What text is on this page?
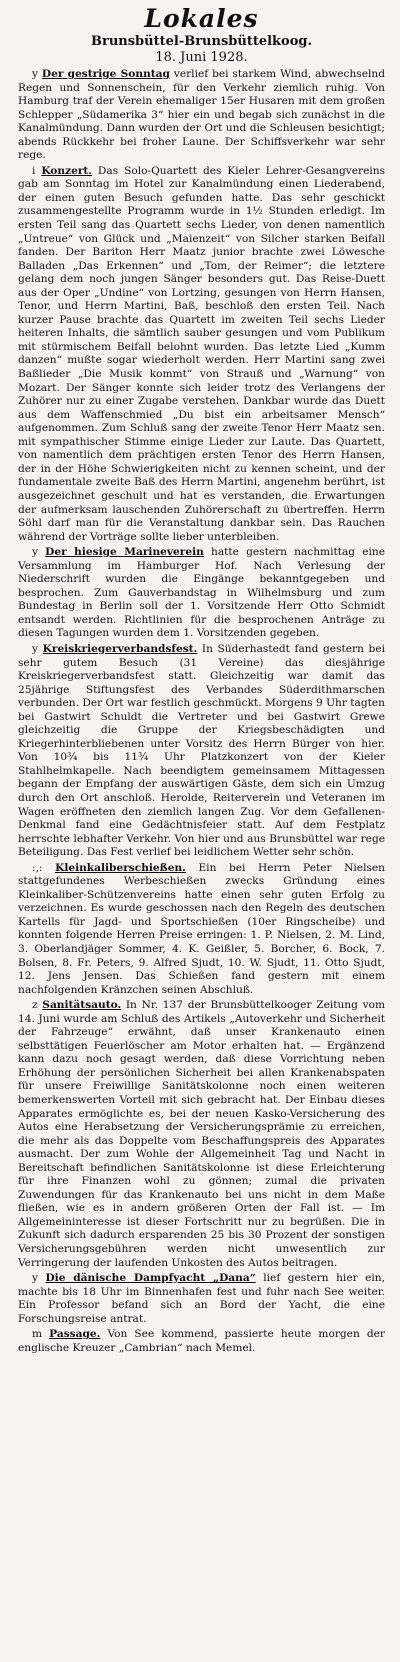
Lokales
Brunsbüttel-Brunsbüttelkoog.
18. Juni 1928.

y Der gestrige Sonntag verlief bei starkem Wind, abwechselnd Regen und Sonnenschein, für den Verkehr ziemlich ruhig. Von Hamburg traf der Verein ehemaliger 15er Husaren mit dem großen Schlepper „Südamerika 3“ hier ein und begab sich zunächst in die Kanalmündung. Dann wurden der Ort und die Schleusen besichtigt; abends Rückkehr bei froher Laune. Der Schiffsverkehr war sehr rege.

i Konzert. Das Solo-Quartett des Kieler Lehrer-Gesangvereins gab am Sonntag im Hotel zur Kanalmündung einen Liederabend, der einen guten Besuch gefunden hatte. Das sehr geschickt zusammengestellte Programm wurde in 1½ Stunden erledigt. Im ersten Teil sang das Quartett sechs Lieder, von denen namentlich „Untreue“ von Glück und „Maienzeit“ von Silcher starken Beifall fanden. Der Bariton Herr Maatz junior brachte zwei Löwesche Balladen „Das Erkennen“ und „Tom, der Reimer“; die letztere gelang dem noch jungen Sänger besonders gut. Das Reise-Duett aus der Oper „Undine“ von Lortzing, gesungen von Herrn Hansen, Tenor, und Herrn Martini, Baß, beschloß den ersten Teil. Nach kurzer Pause brachte das Quartett im zweiten Teil sechs Lieder heiteren Inhalts, die sämtlich sauber gesungen und vom Publikum mit stürmischem Beifall belohnt wurden. Das letzte Lied „Kumm danzen“ mußte sogar wiederholt werden. Herr Martini sang zwei Baßlieder „Die Musik kommt“ von Strauß und „Warnung“ von Mozart. Der Sänger konnte sich leider trotz des Verlangens der Zuhörer nur zu einer Zugabe verstehen. Dankbar wurde das Duett aus dem Waffenschmied „Du bist ein arbeitsamer Mensch“ aufgenommen. Zum Schluß sang der zweite Tenor Herr Maatz sen. mit sympathischer Stimme einige Lieder zur Laute. Das Quartett, von namentlich dem prächtigen ersten Tenor des Herrn Hansen, der in der Höhe Schwierigkeiten nicht zu kennen scheint, und der fundamentale zweite Baß des Herrn Martini, angenehm berührt, ist ausgezeichnet geschult und hat es verstanden, die Erwartungen der aufmerksam lauschenden Zuhörerschaft zu übertreffen. Herrn Söhl darf man für die Veranstaltung dankbar sein. Das Rauchen während der Vorträge sollte lieber unterbleiben.

y Der hiesige Marineverein hatte gestern nachmittag eine Versammlung im Hamburger Hof. Nach Verlesung der Niederschrift wurden die Eingänge bekanntgegeben und besprochen. Zum Gauverbandstag in Wilhelmsburg und zum Bundestag in Berlin soll der 1. Vorsitzende Herr Otto Schmidt entsandt werden. Richtlinien für die besprochenen Anträge zu diesen Tagungen wurden dem 1. Vorsitzenden gegeben.

y Kreiskriegerverbandsfest. In Süderhastedt fand gestern bei sehr gutem Besuch (31 Vereine) das diesjährige Kreiskriegerverbandsfest statt. Gleichzeitig war damit das 25jährige Stiftungsfest des Verbandes Süderdithmarschen verbunden. Der Ort war festlich geschmückt. Morgens 9 Uhr tagten bei Gastwirt Schuldt die Vertreter und bei Gastwirt Grewe gleichzeitig die Gruppe der Kriegsbeschädigten und Kriegerhinterbliebenen unter Vorsitz des Herrn Bürger von hier. Von 10¾ bis 11¾ Uhr Platzkonzert von der Kieler Stahlhelmkapelle. Nach beendigtem gemeinsamem Mittagessen begann der Empfang der auswärtigen Gäste, dem sich ein Umzug durch den Ort anschloß. Herolde, Reiterverein und Veteranen im Wagen eröffneten den ziemlich langen Zug. Vor dem Gefallenen-Denkmal fand eine Gedächtnisfeier statt. Auf dem Festplatz herrschte lebhafter Verkehr. Von hier und aus Brunsbüttel war rege Beteiligung. Das Fest verlief bei leidlichem Wetter sehr schön.

:,: Kleinkaliberschießen. Ein bei Herrn Peter Nielsen stattgefundenes Werbeschießen zwecks Gründung eines Kleinkaliber-Schützenvereins hatte einen sehr guten Erfolg zu verzeichnen. Es wurde geschossen nach den Regeln des deutschen Kartells für Jagd- und Sportschießen (10er Ringscheibe) und konnten folgende Herren Preise erringen: 1. P. Nielsen, 2. M. Lind, 3. Oberlandjäger Sommer, 4. K. Geißler, 5. Borcher, 6. Bock, 7. Bolsen, 8. Fr. Peters, 9. Alfred Sjudt, 10. W. Sjudt, 11. Otto Sjudt, 12. Jens Jensen. Das Schießen fand gestern mit einem nachfolgenden Kränzchen seinen Abschluß.

z Sanitätsauto. In Nr. 137 der Brunsbüttelkooger Zeitung vom 14. Juni wurde am Schluß des Artikels „Autoverkehr und Sicherheit der Fahrzeuge“ erwähnt, daß unser Krankenauto einen selbsttätigen Feuerlöscher am Motor erhalten hat. — Ergänzend kann dazu noch gesagt werden, daß diese Vorrichtung neben Erhöhung der persönlichen Sicherheit bei allen Krankenabspaten für unsere Freiwillige Sanitätskolonne noch einen weiteren bemerkenswerten Vorteil mit sich gebracht hat. Der Einbau dieses Apparates ermöglichte es, bei der neuen Kasko-Versicherung des Autos eine Herabsetzung der Versicherungsprämie zu erreichen, die mehr als das Doppelte vom Beschaffungspreis des Apparates ausmacht. Der zum Wohle der Allgemeinheit Tag und Nacht in Bereitschaft befindlichen Sanitätskolonne ist diese Erleichterung für ihre Finanzen wohl zu gönnen; zumal die privaten Zuwendungen für das Krankenauto bei uns nicht in dem Maße fließen, wie es in andern größeren Orten der Fall ist. — Im Allgemeininteresse ist dieser Fortschritt nur zu begrüßen. Die in Zukunft sich dadurch ersparenden 25 bis 30 Prozent der sonstigen Versicherungsgebühren werden nicht unwesentlich zur Verringerung der laufenden Unkosten des Autos beitragen.

y Die dänische Dampfyacht „Dana“ lief gestern hier ein, machte bis 18 Uhr im Binnenhafen fest und fuhr nach See weiter. Ein Professor befand sich an Bord der Yacht, die eine Forschungsreise antrat.

m Passage. Von See kommend, passierte heute morgen der englische Kreuzer „Cambrian“ nach Memel.
